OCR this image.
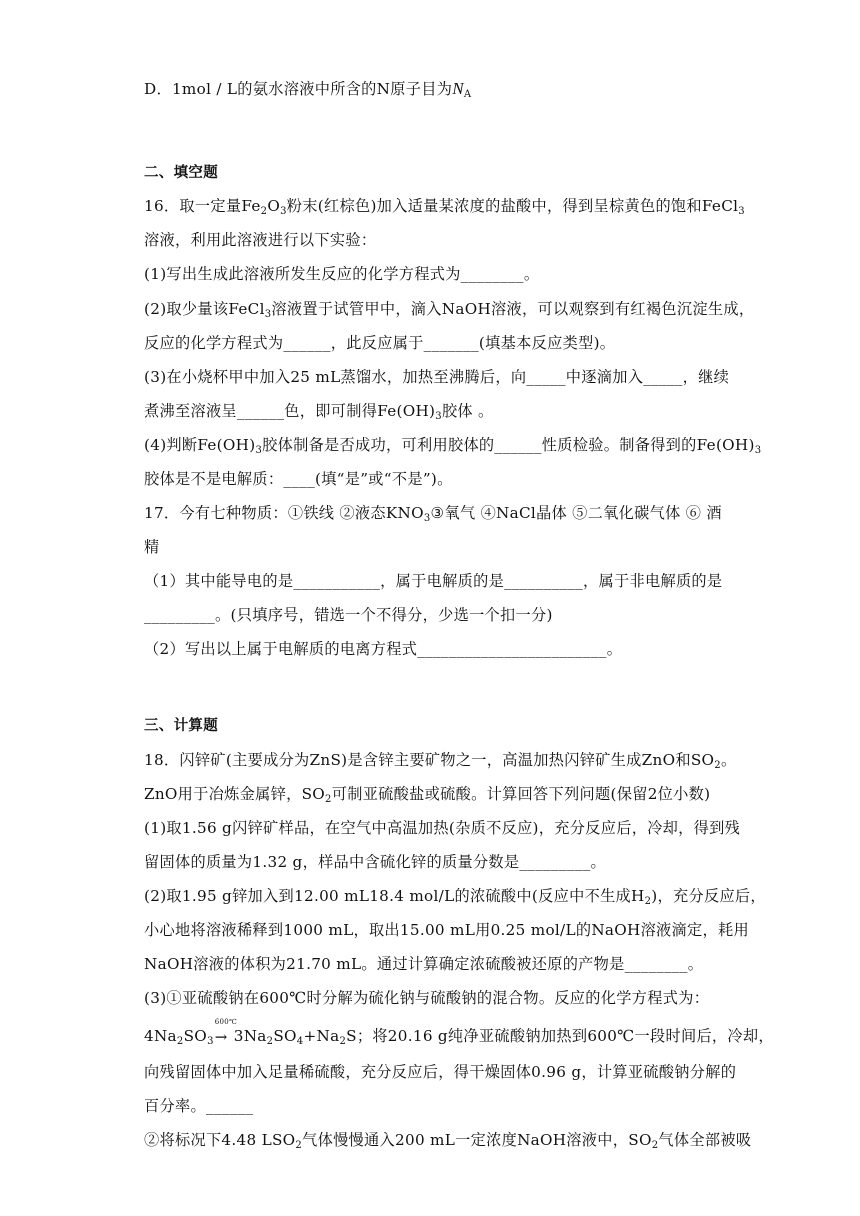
D．1mol / L的氨水溶液中所含的N原子目为$N_A$
二、填空题
16．取一定量$Fe_2O_3$粉末(红棕色)加入适量某浓度的盐酸中，得到呈棕黄色的饱和FeCl$_3$
溶液，利用此溶液进行以下实验：
(1)写出生成此溶液所发生反应的化学方程式为________。
(2)取少量该FeCl$_3$溶液置于试管甲中，滴入NaOH溶液，可以观察到有红褐色沉淀生成，
反应的化学方程式为______，此反应属于_______(填基本反应类型)。
(3)在小烧杯甲中加入25 mL蒸馏水，加热至沸腾后，向_____中逐滴加入_____，继续
煮沸至溶液呈______色，即可制得$Fe(OH)_3$胶体 。
(4)判断$Fe(OH)_3$胶体制备是否成功，可利用胶体的______性质检验。制备得到的$Fe(OH)_3$
胶体是不是电解质：____(填“是”或“不是”)。
17．今有七种物质：①铁线 ②液态$KNO_3③$氧气 ④NaCl晶体 ⑤二氧化碳气体 ⑥ 酒
精
（1）其中能导电的是___________，属于电解质的是__________，属于非电解质的是
_________。(只填序号，错选一个不得分，少选一个扣一分)
（2）写出以上属于电解质的电离方程式________________________。
三、计算题
18．闪锌矿(主要成分为ZnS)是含锌主要矿物之一，高温加热闪锌矿生成ZnO和$SO_2$。
ZnO用于冶炼金属锌，$SO_2$可制亚硫酸盐或硫酸。计算回答下列问题(保留2位小数)
(1)取1.56 g闪锌矿样品，在空气中高温加热(杂质不反应)，充分反应后，冷却，得到残
留固体的质量为1.32 g，样品中含硫化锌的质量分数是_________。
(2)取1.95 g锌加入到12.00 mL18.4 mol/L的浓硫酸中(反应中不生成$H_2$)，充分反应后，
小心地将溶液稀释到1000 mL，取出15.00 mL用0.25 mol/L的NaOH溶液滴定，耗用
NaOH溶液的体积为21.70 mL。通过计算确定浓硫酸被还原的产物是________。
(3)①亚硫酸钠在600℃时分解为硫化钠与硫酸钠的混合物。反应的化学方程式为：
$4Na_2SO_3$
600℃
→ $3Na_2SO_4+Na_2S$；将20.16 g纯净亚硫酸钠加热到600℃一段时间后，冷却，
向残留固体中加入足量稀硫酸，充分反应后，得干燥固体0.96 g，计算亚硫酸钠分解的
百分率。______
②将标况下4.48 $LSO_2$气体慢慢通入200 mL一定浓度NaOH溶液中，$SO_2$气体全部被吸
